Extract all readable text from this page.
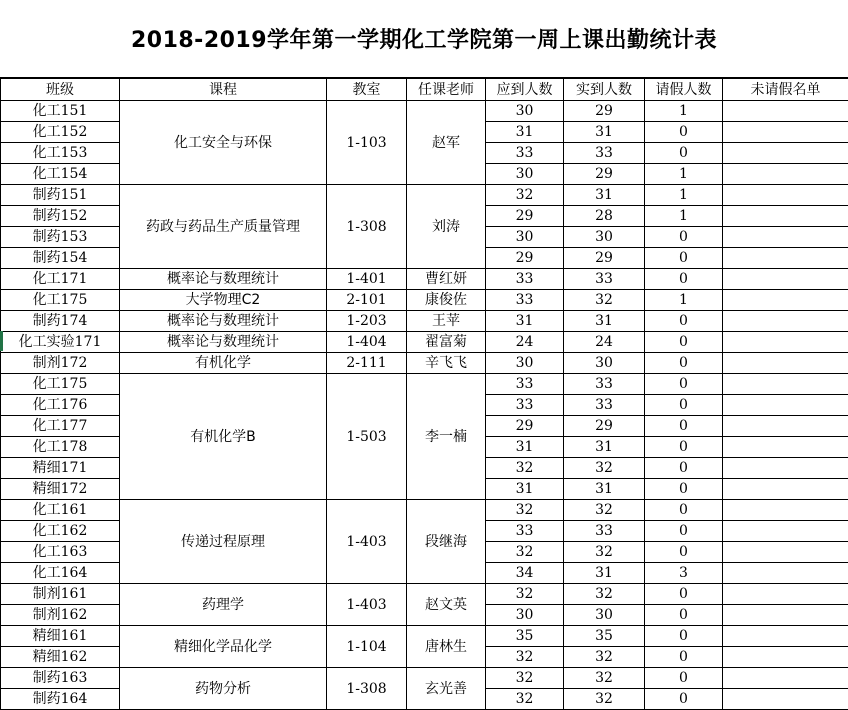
2018-2019学年第一学期化工学院第一周上课出勤统计表
班级	课程	教室	任课老师	应到人数	实到人数	请假人数	未请假名单
化工151	化工安全与环保	1-103	赵军	30	29	1	
化工152				31	31	0	
化工153				33	33	0	
化工154				30	29	1	
制药151	药政与药品生产质量管理	1-308	刘涛	32	31	1	
制药152				29	28	1	
制药153				30	30	0	
制药154				29	29	0	
化工171	概率论与数理统计	1-401	曹红妍	33	33	0	
化工175	大学物理C2	2-101	康俊佐	33	32	1	
制药174	概率论与数理统计	1-203	王苹	31	31	0	
化工实验171	概率论与数理统计	1-404	翟富菊	24	24	0	
制剂172	有机化学	2-111	辛飞飞	30	30	0	
化工175	有机化学B	1-503	李一楠	33	33	0	
化工176				33	33	0	
化工177				29	29	0	
化工178				31	31	0	
精细171				32	32	0	
精细172				31	31	0	
化工161	传递过程原理	1-403	段继海	32	32	0	
化工162				33	33	0	
化工163				32	32	0	
化工164				34	31	3	
制剂161	药理学	1-403	赵文英	32	32	0	
制剂162				30	30	0	
精细161	精细化学品化学	1-104	唐林生	35	35	0	
精细162				32	32	0	
制药163	药物分析	1-308	玄光善	32	32	0	
制药164				32	32	0	
